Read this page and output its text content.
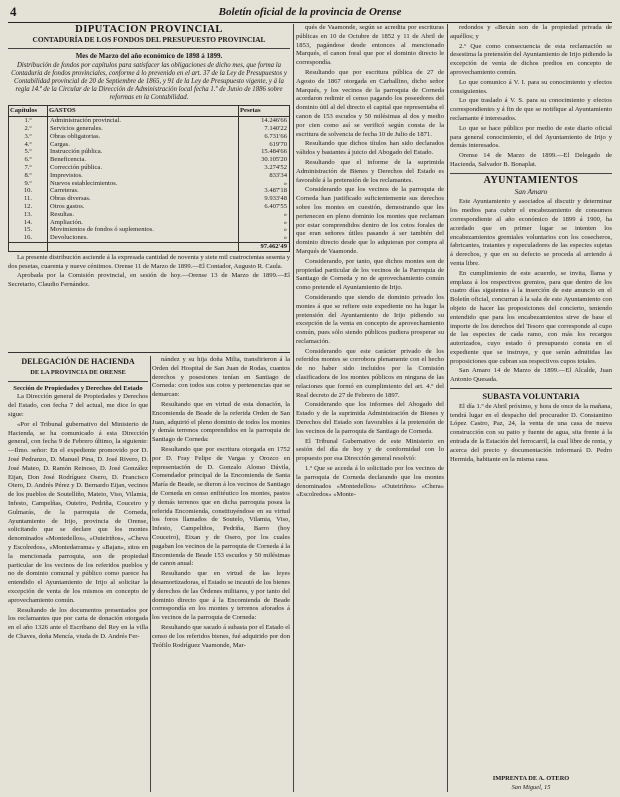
4	Boletín oficial de la provincia de Orense
DIPUTACIÓN PROVINCIAL
CONTADURÍA DE LOS FONDOS DEL PRESUPUESTO PROVINCIAL
Mes de Marzo del año económico de 1898 á 1899.
Distribución de fondos por capítulos para satisfacer las obligaciones de dicho mes, que forma la Contaduría de fondos provinciales, conforme á lo prevenido en el art. 37 de la Ley de Presupuestos y Contabilidad provincial de 20 de Septiembre de 1865, y 91 de la Ley de Presupuesto vigente, y á la regla 14.ª de la Circular de la Dirección de Administración local fecha 1.º de Junio de 1886 sobre reformas en la Contabilidad.
Capítulos	GASTOS	Pesetas
1.º	Administración provincial.	14.246'66
2.º	Servicios generales.	7.140'22
3.º	Obras obligatorias.	6.731'66
4.º	Cargas.	619'70
5.º	Instrucción pública.	15.484'66
6.º	Beneficencia.	30.105'20
7.º	Corrección pública.	3.274'52
8.º	Imprevistos.	833'34
9.º	Nuevos establecimientos.	»
10.	Carreteras.	3.487'18
11.	Obras diversas.	9.933'48
12.	Otros gastos.	6.407'55
13.	Resultas.	»
14.	Ampliación.	»
15.	Movimientos de fondos ó suplementos.	»
16.	Devoluciones.	»
		97.462'49

La presente distribución asciende á la expresada cantidad de noventa y siete mil cuatrocientas sesenta y dos pesetas, cuarenta y nueve céntimos. Orense 11 de Marzo de 1899.—El Contador, Augusto R. Caula.

Aprobada por la Comisión provincial, en sesión de hoy.—Orense 13 de Marzo de 1899.—El Secretario, Claudio Fernández.

DELEGACIÓN DE HACIENDA
DE LA PROVINCIA DE ORENSE

Sección de Propiedades y Derechos del Estado

La Dirección general de Propiedades y Derechos del Estado, con fecha 7 del actual, me dice lo que sigue:

«Por el Tribunal gubernativo del Ministerio de Hacienda, se ha comunicado á esta Dirección general, con fecha 9 de Febrero último, la siguiente:—Ilmo. señor: En el expediente promovido por D. José Pedranzo, D. Manuel Pina, D. José Rivero, D. José Mateo, D. Ramón Reinoso, D. José González Eijan, Don José Rodríguez Osero, D. Francisco Otero, D. Andrés Pérez y D. Bernardo Eijan, vecinos de los pueblos de Soutelliño, Mateio, Viso, Vilamia, Infesto, Campelñas, Outeiro, Pedriña, Couceiro y Gulmarás, de la parroquia de Corneda, Ayuntamiento de Irijo, provincia de Orense, solicitando que se declare que los montes denominados «Montedellos», «Outeiriños», «Cheva y Escolredos», «Montedarrama» y «Bajan», sitos en la mencionada parroquia, son de propiedad particular de los vecinos de los referidos pueblos y no de dominio comunal y público como parece ha entendido el Ayuntamiento de Irijo al solicitar la excepción de venta de los mismos en concepto de aprovechamiento común.

Resultando de los documentos presentados por los reclamantes que por carta de donación otorgada en el año 1326 ante el Escribano del Rey en la villa de Chaves, doña Mencía, viuda de D. Andrés Fer-

nández y su hija doña Milia, transfirieron á la Orden del Hospital de San Juan de Rodas, cuantos derechos y posesiones tenían en Santiago de Corneda: con todos sus cotos y pertenencias que se demarcan:

Resultando que en virtud de esta donación, la Encomienda de Beade de la referida Orden de San Juan, adquirió el pleno dominio de todos los montes y demás terrenos comprendidos en la parroquia de Santiago de Corneda:

Resultando que por escritura otorgada en 1752 por D. Fray Felipe de Vargas y Orozco en representación de D. Gonzalo Alonso Dávila, Comendador principal de la Encomienda de Santa María de Beade, se dieron á los vecinos de Santiago de Corneda en censo enfitéutico los montes, pastos y demás terrenos que en dicha parroquia posea la referida Encomienda, constituyéndose en su virtud los foros llamados de Soutelo, Vilamia, Viso, Infesto, Campeliños, Pedriña, Barro (hoy Couceiro), Eixan y de Osero, por los cuales pagaban los vecinos de la parroquia de Corneda á la Encomienda de Beade 153 escudos y 50 milésimas de canon anual:

Resultando que en virtud de las leyes desamortizadoras, el Estado se incautó de los bienes y derechos de las Órdenes militares, y por tanto del dominio directo que á la Encomienda de Beade correspondía en los montes y terrenos aforados á los vecinos de la parroquia de Corneda:

Resultando que sacado á subasta por el Estado el censo de los referidos bienes, fué adquirido por don Teófilo Rodríguez Vaamonde, Mar-

qués de Vaamonde, según se acredita por escrituras públicas en 10 de Octubre de 1852 y 11 de Abril de 1853, pagándose desde entonces al mencionado Marqués, el canon foral que por el dominio directo le correspondía.

Resultando que por escritura pública de 27 de Agosto de 1867 otorgada en Carballino, dicho señor Marqués, y los vecinos de la parroquia de Corneda acordaron redimir el censo pagando los poseedores del dominio útil al del directo el capital que representaba el canon de 153 escudos y 50 milésimas al dos y medio por cien como así se verificó según consta de la escritura de solvencia de fecha 10 de Julio de 1871.

Resultando que dichos títulos han sido declarados válidos y bastantes á juicio del Abogado del Estado.

Resultando que el informe de la suprimida Administración de Bienes y Derechos del Estado es favorable á la pretensión de los reclamantes.

Considerando que los vecinos de la parroquia de Corneda han justificado suficientemente sus derechos sobre los montes en cuestión, demostrando que les pertenecen en pleno dominio los montes que reclaman por estar comprendidos dentro de los cotos forales de que eran señores útiles pasando á ser también del dominio directo desde que lo adquieran por compra al Marqués de Vaamonde.

Considerando, por tanto, que dichos montes son de propiedad particular de los vecinos de la Parroquia de Santiago de Corneda y no de aprovechamiento común como pretende el Ayuntamiento de Irijo.

Considerando que siendo de dominio privado los montes á que se refiere este expediente no ha lugar la pretensión del Ayuntamiento de Irijo pidiendo su excepción de la venta en concepto de aprovechamiento común, pues sólo siendo públicos pudiera prosperar su reclamación.

Considerando que este carácter privado de los referidos montes se corrobora plenamente con el hecho de no haber sido incluidos por la Comisión clasificadora de los montes públicos en ninguna de las relaciones que formó en cumplimiento del art. 4.º del Real decreto de 27 de Febrero de 1897.

Considerando que los informes del Abogado del Estado y de la suprimida Administración de Bienes y Derechos del Estado son favorables á la pretensión de los vecinos de la parroquia de Santiago de Corneda.

El Tribunal Gubernativo de este Ministerio en sesión del día de hoy y de conformidad con lo propuesto por esa Dirección general resolvió:

1.º Que se acceda á lo solicitado por los vecinos de la parroquia de Corneda declarando que los montes denominados «Montedellos» «Outeiriños» «Chera» «Escolredos» «Monte-

redondos y «Bexán son de la propiedad privada de aquéllos; y

2.º Que como consecuencia de esta reclamación se desestima la pretensión del Ayuntamiento de Irijo pidiendo la excepción de venta de dichos predios en concepto de aprovechamiento común.

Lo que comunico á V. I. para su conocimiento y efectos consiguientes.

Lo que traslado á V. S. para su conocimiento y efectos correspondientes y á fin de que se notifique al Ayuntamiento reclamante é interesados.

Lo que se hace público por medio de este diario oficial para general conocimiento, el del Ayuntamiento de Irijo y demás interesados.

Orense 14 de Marzo de 1899.—El Delegado de Hacienda, Salvador B. Bonaplat.

AYUNTAMIENTOS
San Amaro

Este Ayuntamiento y asociados al discutir y determinar los medios para cubrir el encabezamiento de consumos correspondiente al año económico de 1899 á 1900, ha acordado que en primer lugar se intenten los encabezamientos gremiales voluntarios con los cosecheros, fabricantes, tratantes y especuladores de las especies sujetas á derechos, y que en su defecto se proceda al arriendo á venta libre.

En cumplimiento de este acuerdo, se invita, llama y emplaza á los respectivos gremios, para que dentro de los cuatro días siguientes á la inserción de este anuncio en el Boletín oficial, concurran á la sala de este Ayuntamiento con objeto de hacer las proposiciones del concierto, teniendo entendido que para los encabezamientos sirve de base el importe de los derechos del Tesoro que corresponde al cupo de las especies de cada ramo, con más los recargos autorizados, cuyo estado ó presupuesto consta en el expediente que se instruye, y que serán admitidas las proposiciones que cubran sus respectivos cupos totales.

San Amaro 14 de Marzo de 1899.—El Alcalde, Juan Antonio Quesada.

SUBASTA VOLUNTARIA

El día 1.º de Abril próximo, y hora de once de la mañana, tendrá lugar en el despacho del procurador D. Constantino López Castro, Paz, 24, la venta de una casa de nueva construcción con su patio y fuente de agua, sita frente á la entrada de la Estación del ferrocarril, la cual libre de renta, y acerca del precio y documentación informará D. Pedro Hermida, habitante en la misma casa.

IMPRENTA DE A. OTERO
San Miguel, 15
